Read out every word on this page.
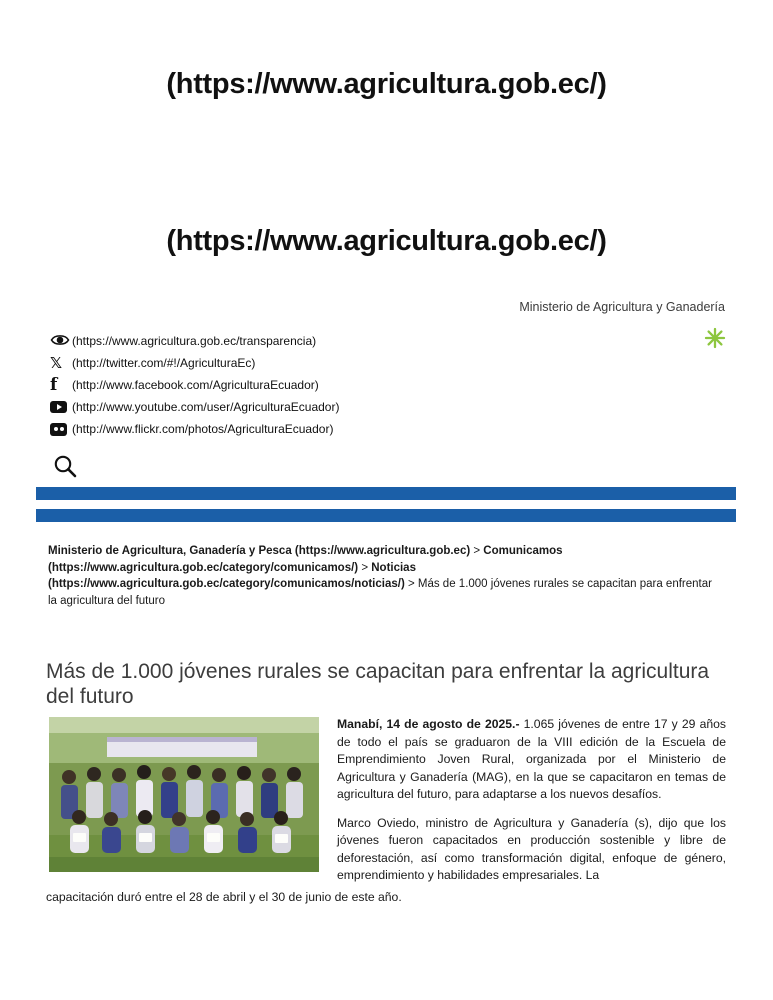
(https://www.agricultura.gob.ec/)
(https://www.agricultura.gob.ec/)
Ministerio de Agricultura y Ganadería
(https://www.agricultura.gob.ec/transparencia)
𝕏 (http://twitter.com/#!/AgriculturaEc)
f (http://www.facebook.com/AgriculturaEcuador)
(http://www.youtube.com/user/AgriculturaEcuador)
(http://www.flickr.com/photos/AgriculturaEcuador)
Ministerio de Agricultura, Ganadería y Pesca (https://www.agricultura.gob.ec) > Comunicamos (https://www.agricultura.gob.ec/category/comunicamos/) > Noticias (https://www.agricultura.gob.ec/category/comunicamos/noticias/) > Más de 1.000 jóvenes rurales se capacitan para enfrentar la agricultura del futuro
Más de 1.000 jóvenes rurales se capacitan para enfrentar la agricultura del futuro

Manabí, 14 de agosto de 2025.- 1.065 jóvenes de entre 17 y 29 años de todo el país se graduaron de la VIII edición de la Escuela de Emprendimiento Joven Rural, organizada por el Ministerio de Agricultura y Ganadería (MAG), en la que se capacitaron en temas de agricultura del futuro, para adaptarse a los nuevos desafíos.

Marco Oviedo, ministro de Agricultura y Ganadería (s), dijo que los jóvenes fueron capacitados en producción sostenible y libre de deforestación, así como transformación digital, enfoque de género, emprendimiento y habilidades empresariales. La

capacitación duró entre el 28 de abril y el 30 de junio de este año.
